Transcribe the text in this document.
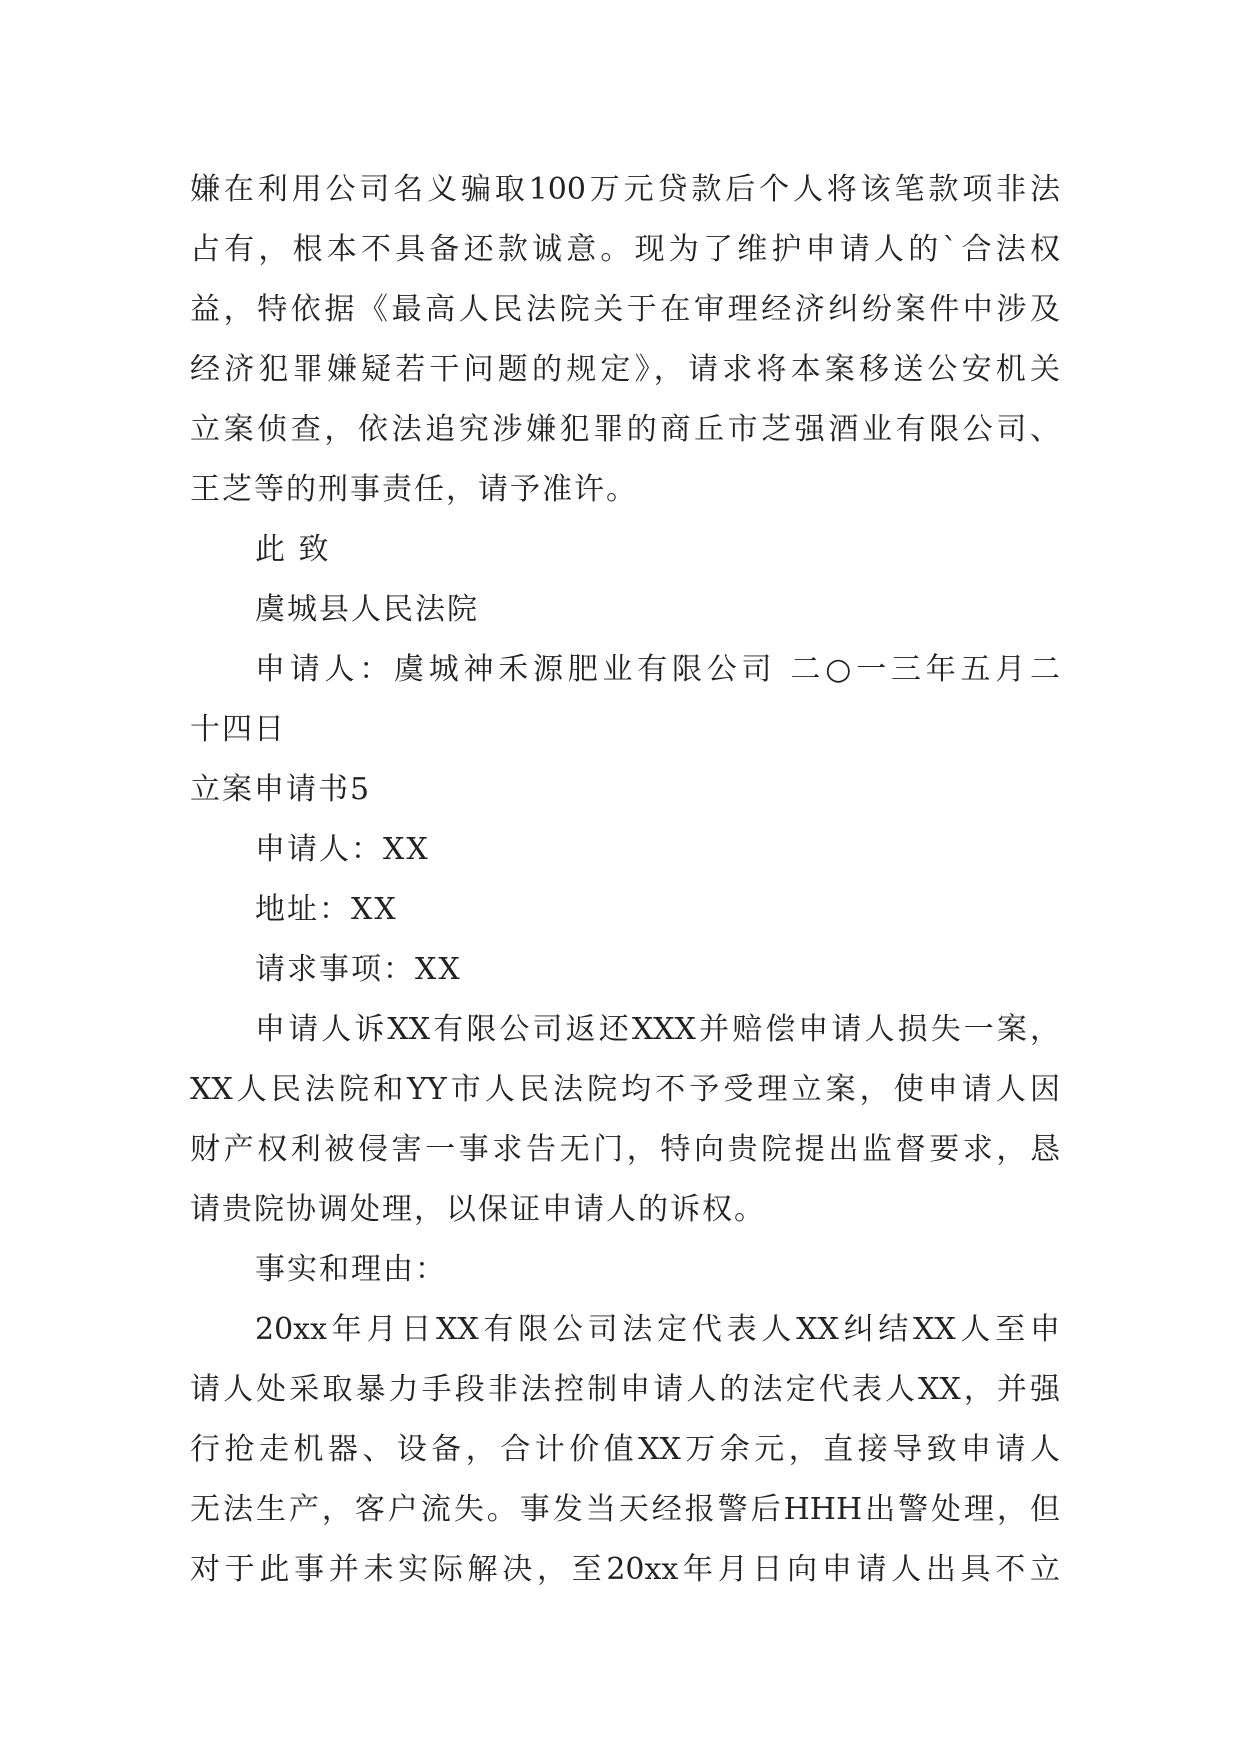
嫌在利用公司名义骗取100万元贷款后个人将该笔款项非法
占有，根本不具备还款诚意。现为了维护申请人的`合法权
益，特依据《最高人民法院关于在审理经济纠纷案件中涉及
经济犯罪嫌疑若干问题的规定》，请求将本案移送公安机关
立案侦查，依法追究涉嫌犯罪的商丘市芝强酒业有限公司、
王芝等的刑事责任，请予准许。
此 致
虞城县人民法院
申请人：虞城神禾源肥业有限公司 二○一三年五月二
十四日
立案申请书5
申请人：XX
地址：XX
请求事项：XX
申请人诉XX有限公司返还XXX并赔偿申请人损失一案，
XX人民法院和YY市人民法院均不予受理立案，使申请人因
财产权利被侵害一事求告无门，特向贵院提出监督要求，恳
请贵院协调处理，以保证申请人的诉权。
事实和理由：
20xx年月日XX有限公司法定代表人XX纠结XX人至申
请人处采取暴力手段非法控制申请人的法定代表人XX，并强
行抢走机器、设备，合计价值XX万余元，直接导致申请人
无法生产，客户流失。事发当天经报警后HHH出警处理，但
对于此事并未实际解决，至20xx年月日向申请人出具不立
